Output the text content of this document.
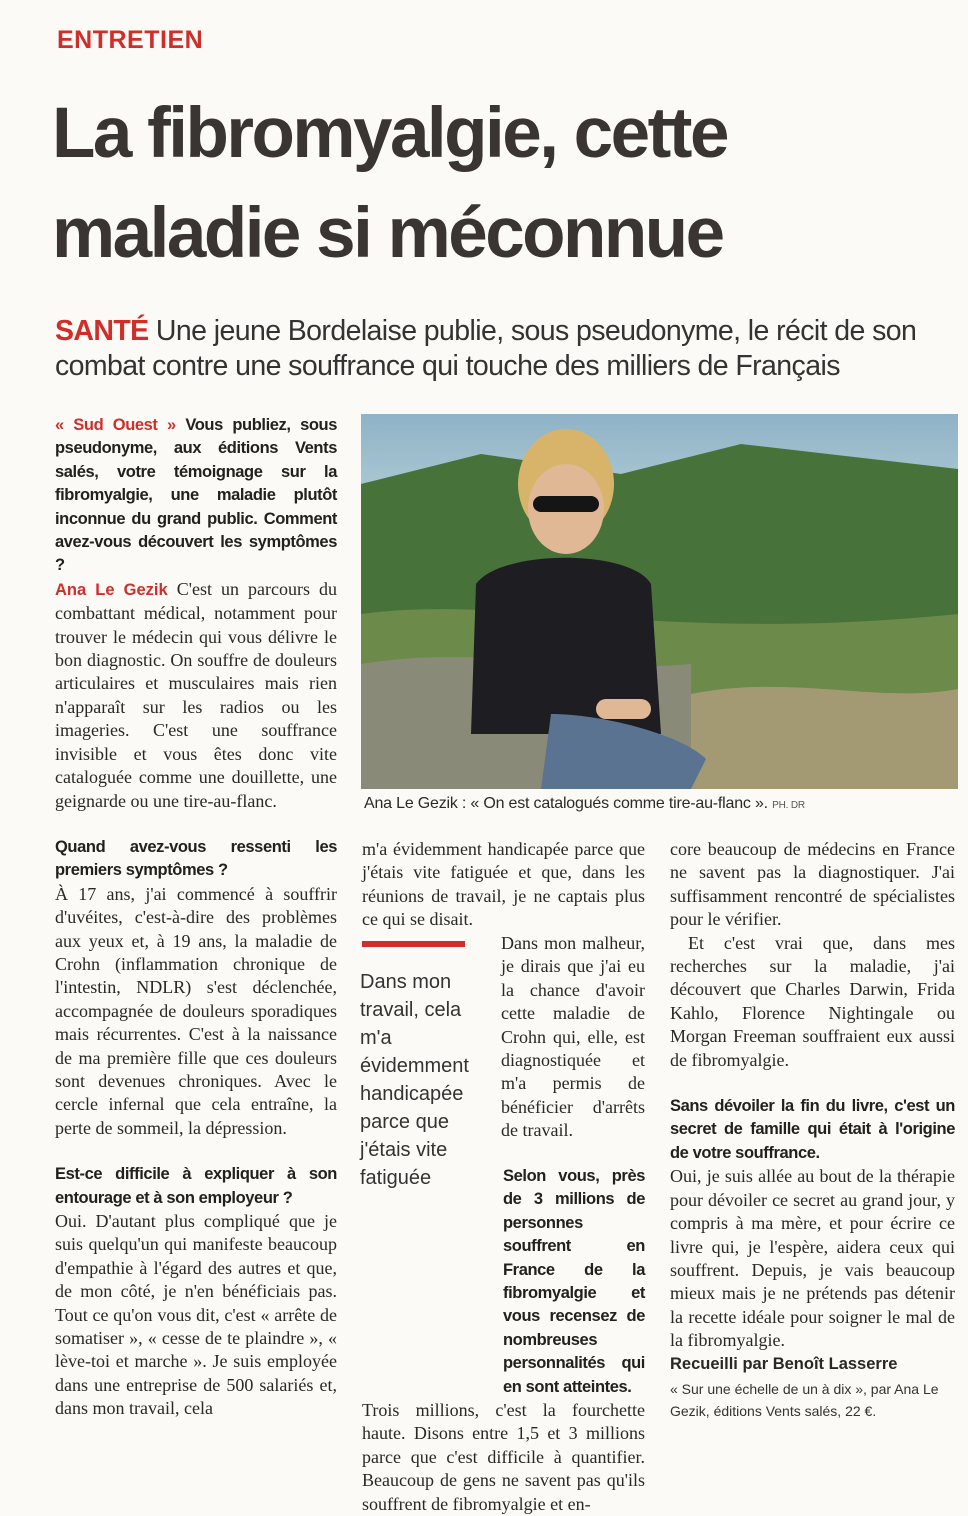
ENTRETIEN
La fibromyalgie, cette
maladie si méconnue
SANTÉ Une jeune Bordelaise publie, sous pseudonyme, le récit de son combat contre une souffrance qui touche des milliers de Français

« Sud Ouest » Vous publiez, sous pseudonyme, aux éditions Vents salés, votre témoignage sur la fibromyalgie, une maladie plutôt inconnue du grand public. Comment avez-vous découvert les symptômes ?

Ana Le Gezik C'est un parcours du combattant médical, notamment pour trouver le médecin qui vous délivre le bon diagnostic. On souffre de douleurs articulaires et musculaires mais rien n'apparaît sur les radios ou les imageries. C'est une souffrance invisible et vous êtes donc vite cataloguée comme une douillette, une geignarde ou une tire-au-flanc.

Quand avez-vous ressenti les premiers symptômes ?

À 17 ans, j'ai commencé à souffrir d'uvéites, c'est-à-dire des problèmes aux yeux et, à 19 ans, la maladie de Crohn (inflammation chronique de l'intestin, NDLR) s'est déclenchée, accompagnée de douleurs sporadiques mais récurrentes. C'est à la naissance de ma première fille que ces douleurs sont devenues chroniques. Avec le cercle infernal que cela entraîne, la perte de sommeil, la dépression.

Est-ce difficile à expliquer à son entourage et à son employeur ?

Oui. D'autant plus compliqué que je suis quelqu'un qui manifeste beaucoup d'empathie à l'égard des autres et que, de mon côté, je n'en bénéficiais pas. Tout ce qu'on vous dit, c'est « arrête de somatiser », « cesse de te plaindre », « lève-toi et marche ». Je suis employée dans une entreprise de 500 salariés et, dans mon travail, cela

Ana Le Gezik : « On est catalogués comme tire-au-flanc ». PH. DR
m'a évidemment handicapée parce que j'étais vite fatiguée et que, dans les réunions de travail, je ne captais plus ce qui se disait.
Dans mon travail, cela m'a évidemment handicapée parce que j'étais vite fatiguée
Dans mon malheur, je dirais que j'ai eu la chance d'avoir cette maladie de Crohn qui, elle, est diagnostiquée et m'a permis de bénéficier d'arrêts de travail.

Selon vous, près de 3 millions de personnes souffrent en France de la fibromyalgie et vous recensez de nombreuses personnalités qui en sont atteintes.

Trois millions, c'est la fourchette haute. Disons entre 1,5 et 3 millions parce que c'est difficile à quantifier. Beaucoup de gens ne savent pas qu'ils souffrent de fibromyalgie et en-

core beaucoup de médecins en France ne savent pas la diagnostiquer. J'ai suffisamment rencontré de spécialistes pour le vérifier.

Et c'est vrai que, dans mes recherches sur la maladie, j'ai découvert que Charles Darwin, Frida Kahlo, Florence Nightingale ou Morgan Freeman souffraient eux aussi de fibromyalgie.

Sans dévoiler la fin du livre, c'est un secret de famille qui était à l'origine de votre souffrance.

Oui, je suis allée au bout de la thérapie pour dévoiler ce secret au grand jour, y compris à ma mère, et pour écrire ce livre qui, je l'espère, aidera ceux qui souffrent. Depuis, je vais beaucoup mieux mais je ne prétends pas détenir la recette idéale pour soigner le mal de la fibromyalgie.

Recueilli par Benoît Lasserre

« Sur une échelle de un à dix », par Ana Le Gezik, éditions Vents salés, 22 €.
